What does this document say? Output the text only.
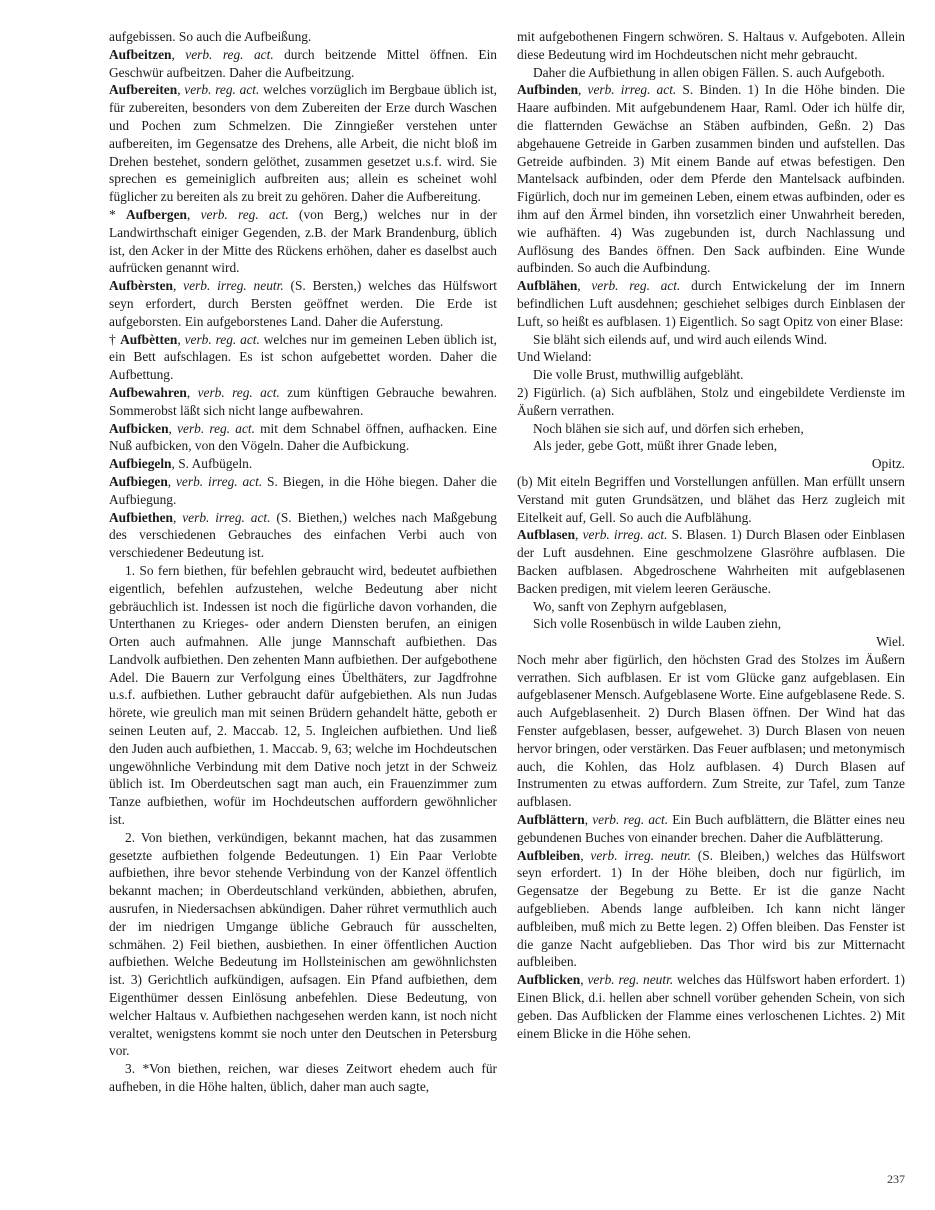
aufgebissen. So auch die Aufbeißung.

Aufbeitzen, verb. reg. act. durch beitzende Mittel öffnen. Ein Geschwür aufbeitzen. Daher die Aufbeitzung.

Aufbereiten, verb. reg. act. welches vorzüglich im Bergbaue üblich ist, für zubereiten, besonders von dem Zubereiten der Erze durch Waschen und Pochen zum Schmelzen. Die Zinngießer verstehen unter aufbereiten, im Gegensatze des Drehens, alle Arbeit, die nicht bloß im Drehen bestehet, sondern gelöthet, zusammen gesetzet u.s.f. wird. Sie sprechen es gemeiniglich aufbreiten aus; allein es scheinet wohl füglicher zu bereiten als zu breit zu gehören. Daher die Aufbereitung.

* Aufbergen, verb. reg. act. (von Berg,) welches nur in der Landwirthschaft einiger Gegenden, z.B. der Mark Brandenburg, üblich ist, den Acker in der Mitte des Rückens erhöhen, daher es daselbst auch aufrücken genannt wird.

Aufbèrsten, verb. irreg. neutr. (S. Bersten,) welches das Hülfswort seyn erfordert, durch Bersten geöffnet werden. Die Erde ist aufgeborsten. Ein aufgeborstenes Land. Daher die Auferstung.

† Aufbètten, verb. reg. act. welches nur im gemeinen Leben üblich ist, ein Bett aufschlagen. Es ist schon aufgebettet worden. Daher die Aufbettung.

Aufbewahren, verb. reg. act. zum künftigen Gebrauche bewahren. Sommerobst läßt sich nicht lange aufbewahren.

Aufbicken, verb. reg. act. mit dem Schnabel öffnen, aufhacken. Eine Nuß aufbicken, von den Vögeln. Daher die Aufbickung.

Aufbiegeln, S. Aufbügeln.

Aufbiegen, verb. irreg. act. S. Biegen, in die Höhe biegen. Daher die Aufbiegung.

Aufbiethen, verb. irreg. act. (S. Biethen,) welches nach Maßgebung des verschiedenen Gebrauches des einfachen Verbi auch von verschiedener Bedeutung ist.

1. So fern biethen, für befehlen gebraucht wird, bedeutet aufbiethen eigentlich, befehlen aufzustehen, welche Bedeutung aber nicht gebräuchlich ist. Indessen ist noch die figürliche davon vorhanden, die Unterthanen zu Krieges- oder andern Diensten berufen, an einigen Orten auch aufmahnen. Alle junge Mannschaft aufbiethen. Das Landvolk aufbiethen. Den zehenten Mann aufbiethen. Der aufgebothene Adel. Die Bauern zur Verfolgung eines Übelthäters, zur Jagdfrohne u.s.f. aufbiethen. Luther gebraucht dafür aufgebiethen. Als nun Judas hörete, wie greulich man mit seinen Brüdern gehandelt hätte, geboth er seinen Leuten auf, 2. Maccab. 12, 5. Ingleichen aufbiethen. Und ließ den Juden auch aufbiethen, 1. Maccab. 9, 63; welche im Hochdeutschen ungewöhnliche Verbindung mit dem Dative noch jetzt in der Schweiz üblich ist. Im Oberdeutschen sagt man auch, ein Frauenzimmer zum Tanze aufbiethen, wofür im Hochdeutschen auffordern gewöhnlicher ist.

2. Von biethen, verkündigen, bekannt machen, hat das zusammen gesetzte aufbiethen folgende Bedeutungen. 1) Ein Paar Verlobte aufbiethen, ihre bevor stehende Verbindung von der Kanzel öffentlich bekannt machen; in Oberdeutschland verkünden, abbiethen, abrufen, ausrufen, in Niedersachsen abkündigen. Daher rühret vermuthlich auch der im niedrigen Umgange übliche Gebrauch für ausschelten, schmähen. 2) Feil biethen, ausbiethen. In einer öffentlichen Auction aufbiethen. Welche Bedeutung im Hollsteinischen am gewöhnlichsten ist. 3) Gerichtlich aufkündigen, aufsagen. Ein Pfand aufbiethen, dem Eigenthümer dessen Einlösung anbefehlen. Diese Bedeutung, von welcher Haltaus v. Aufbiethen nachgesehen werden kann, ist noch nicht veraltet, wenigstens kommt sie noch unter den Deutschen in Petersburg vor.

3. *Von biethen, reichen, war dieses Zeitwort ehedem auch für aufheben, in die Höhe halten, üblich, daher man auch sagte,

mit aufgebothenen Fingern schwören. S. Haltaus v. Aufgeboten. Allein diese Bedeutung wird im Hochdeutschen nicht mehr gebraucht.

Daher die Aufbiethung in allen obigen Fällen. S. auch Aufgeboth.

Aufbinden, verb. irreg. act. S. Binden. 1) In die Höhe binden. Die Haare aufbinden. Mit aufgebundenem Haar, Raml. Oder ich hülfe dir, die flatternden Gewächse an Stäben aufbinden, Geßn. 2) Das abgehauene Getreide in Garben zusammen binden und aufstellen. Das Getreide aufbinden. 3) Mit einem Bande auf etwas befestigen. Den Mantelsack aufbinden, oder dem Pferde den Mantelsack aufbinden. Figürlich, doch nur im gemeinen Leben, einem etwas aufbinden, oder es ihm auf den Ärmel binden, ihn vorsetzlich einer Unwahrheit bereden, wie aufhäften. 4) Was zugebunden ist, durch Nachlassung und Auflösung des Bandes öffnen. Den Sack aufbinden. Eine Wunde aufbinden. So auch die Aufbindung.

Aufblähen, verb. reg. act. durch Entwickelung der im Innern befindlichen Luft ausdehnen; geschiehet selbiges durch Einblasen der Luft, so heißt es aufblasen. 1) Eigentlich. So sagt Opitz von einer Blase:

Sie bläht sich eilends auf, und wird auch eilends Wind.

Und Wieland:

Die volle Brust, muthwillig aufgebläht.

2) Figürlich. (a) Sich aufblähen, Stolz und eingebildete Verdienste im Äußern verrathen.

Noch blähen sie sich auf, und dörfen sich erheben,

Als jeder, gebe Gott, müßt ihrer Gnade leben,

Opitz.

(b) Mit eiteln Begriffen und Vorstellungen anfüllen. Man erfüllt unsern Verstand mit guten Grundsätzen, und blähet das Herz zugleich mit Eitelkeit auf, Gell. So auch die Aufblähung.

Aufblasen, verb. irreg. act. S. Blasen. 1) Durch Blasen oder Einblasen der Luft ausdehnen. Eine geschmolzene Glasröhre aufblasen. Die Backen aufblasen. Abgedroschene Wahrheiten mit aufgeblasenen Backen predigen, mit vielem leeren Geräusche.

Wo, sanft von Zephyrn aufgeblasen,

Sich volle Rosenbüsch in wilde Lauben ziehn,

Wiel.

Noch mehr aber figürlich, den höchsten Grad des Stolzes im Äußern verrathen. Sich aufblasen. Er ist vom Glücke ganz aufgeblasen. Ein aufgeblasener Mensch. Aufgeblasene Worte. Eine aufgeblasene Rede. S. auch Aufgeblasenheit. 2) Durch Blasen öffnen. Der Wind hat das Fenster aufgeblasen, besser, aufgewehet. 3) Durch Blasen von neuen hervor bringen, oder verstärken. Das Feuer aufblasen; und metonymisch auch, die Kohlen, das Holz aufblasen. 4) Durch Blasen auf Instrumenten zu etwas auffordern. Zum Streite, zur Tafel, zum Tanze aufblasen.

Aufblättern, verb. reg. act. Ein Buch aufblättern, die Blätter eines neu gebundenen Buches von einander brechen. Daher die Aufblätterung.

Aufbleiben, verb. irreg. neutr. (S. Bleiben,) welches das Hülfswort seyn erfordert. 1) In der Höhe bleiben, doch nur figürlich, im Gegensatze der Begebung zu Bette. Er ist die ganze Nacht aufgeblieben. Abends lange aufbleiben. Ich kann nicht länger aufbleiben, muß mich zu Bette legen. 2) Offen bleiben. Das Fenster ist die ganze Nacht aufgeblieben. Das Thor wird bis zur Mitternacht aufbleiben.

Aufblicken, verb. reg. neutr. welches das Hülfswort haben erfordert. 1) Einen Blick, d.i. hellen aber schnell vorüber gehenden Schein, von sich geben. Das Aufblicken der Flamme eines verloschenen Lichtes. 2) Mit einem Blicke in die Höhe sehen.

237
